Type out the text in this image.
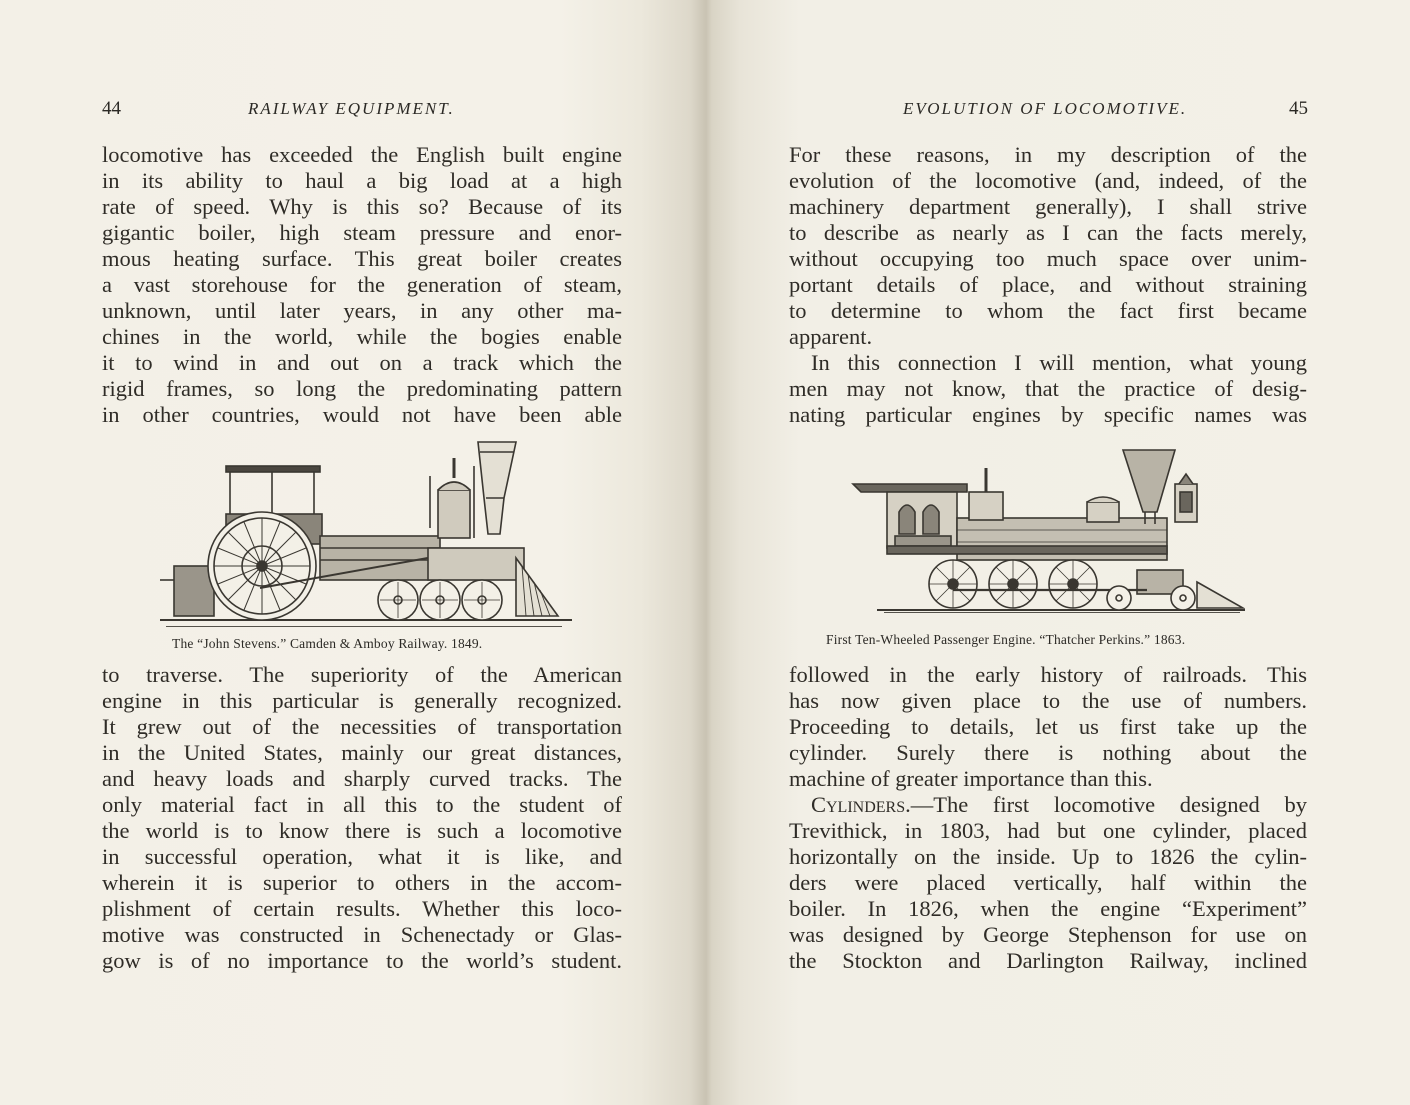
44	RAILWAY EQUIPMENT.
locomotive has exceeded the English built engine
in its ability to haul a big load at a high
rate of speed. Why is this so? Because of its
gigantic boiler, high steam pressure and enor-
mous heating surface. This great boiler creates
a vast storehouse for the generation of steam,
unknown, until later years, in any other ma-
chines in the world, while the bogies enable
it to wind in and out on a track which the
rigid frames, so long the predominating pattern
in other countries, would not have been able
The “John Stevens.” Camden & Amboy Railway. 1849.
to traverse. The superiority of the American
engine in this particular is generally recognized.
It grew out of the necessities of transportation
in the United States, mainly our great distances,
and heavy loads and sharply curved tracks. The
only material fact in all this to the student of
the world is to know there is such a locomotive
in successful operation, what it is like, and
wherein it is superior to others in the accom-
plishment of certain results. Whether this loco-
motive was constructed in Schenectady or Glas-
gow is of no importance to the world’s student.
EVOLUTION OF LOCOMOTIVE.	45
For these reasons, in my description of the
evolution of the locomotive (and, indeed, of the
machinery department generally), I shall strive
to describe as nearly as I can the facts merely,
without occupying too much space over unim-
portant details of place, and without straining
to determine to whom the fact first became
apparent.
In this connection I will mention, what young
men may not know, that the practice of desig-
nating particular engines by specific names was
First Ten-Wheeled Passenger Engine. “Thatcher Perkins.” 1863.
followed in the early history of railroads. This
has now given place to the use of numbers.
Proceeding to details, let us first take up the
cylinder. Surely there is nothing about the
machine of greater importance than this.
Cylinders.—The first locomotive designed by
Trevithick, in 1803, had but one cylinder, placed
horizontally on the inside. Up to 1826 the cylin-
ders were placed vertically, half within the
boiler. In 1826, when the engine “Experiment”
was designed by George Stephenson for use on
the Stockton and Darlington Railway, inclined
